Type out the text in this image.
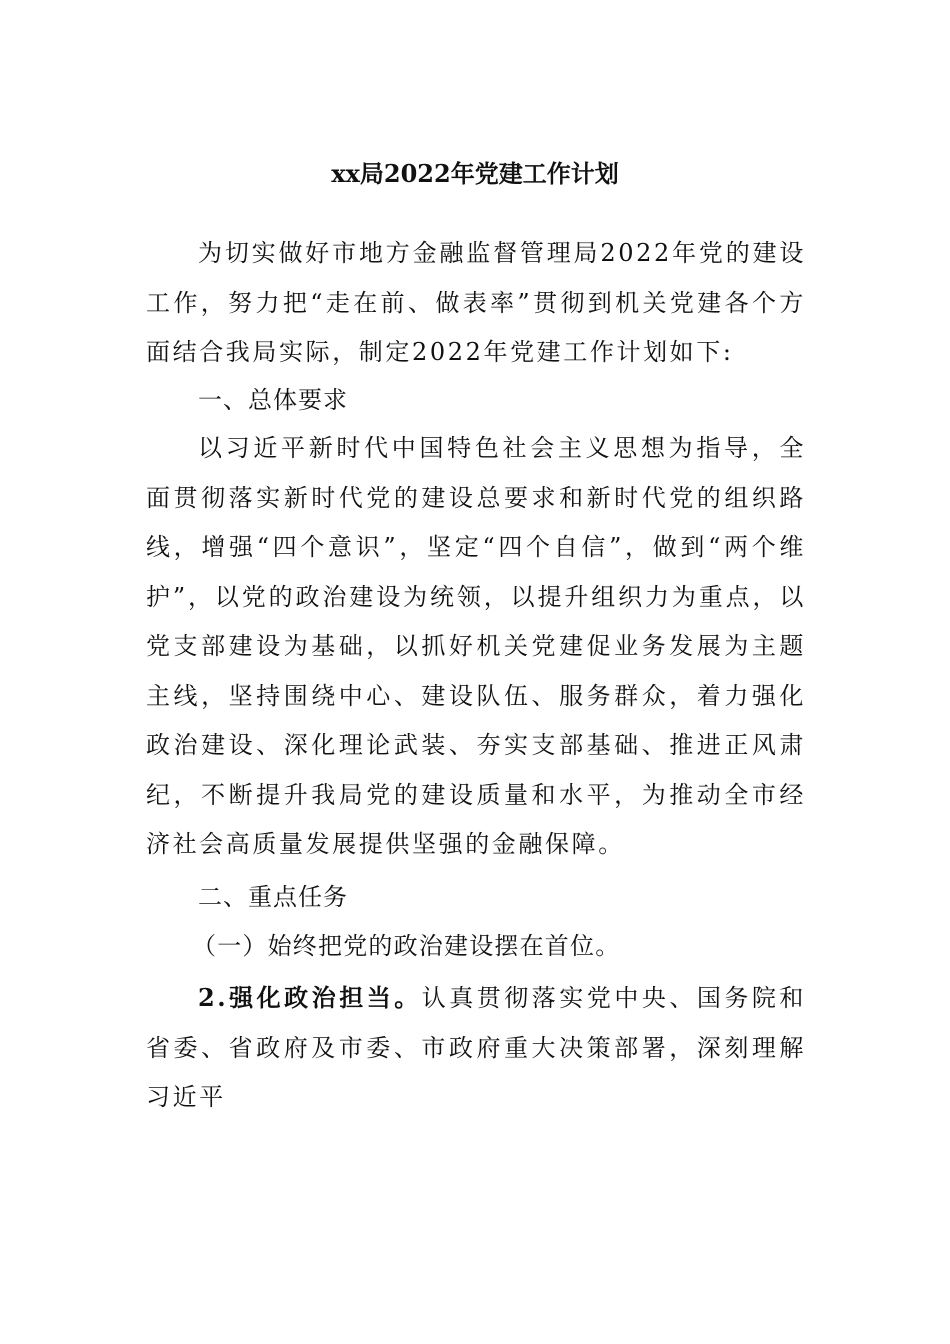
xx局2022年党建工作计划

为切实做好市地方金融监督管理局2022年党的建设工作，努力把“走在前、做表率”贯彻到机关党建各个方面结合我局实际，制定2022年党建工作计划如下:

一、总体要求

以习近平新时代中国特色社会主义思想为指导，全面贯彻落实新时代党的建设总要求和新时代党的组织路线，增强“四个意识”，坚定“四个自信”，做到“两个维护”，以党的政治建设为统领，以提升组织力为重点，以党支部建设为基础，以抓好机关党建促业务发展为主题主线，坚持围绕中心、建设队伍、服务群众，着力强化政治建设、深化理论武装、夯实支部基础、推进正风肃纪，不断提升我局党的建设质量和水平，为推动全市经济社会高质量发展提供坚强的金融保障。

二、重点任务

（一）始终把党的政治建设摆在首位。

2.强化政治担当。认真贯彻落实党中央、国务院和省委、省政府及市委、市政府重大决策部署，深刻理解习近平
